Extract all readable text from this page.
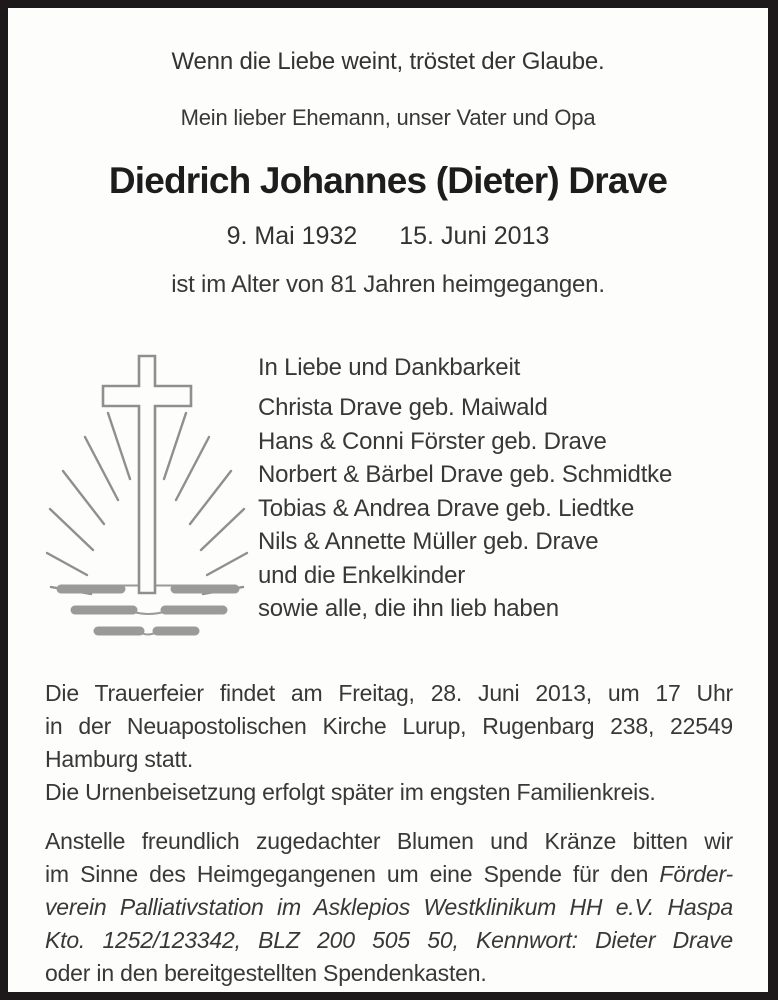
Wenn die Liebe weint, tröstet der Glaube.
Mein lieber Ehemann, unser Vater und Opa
Diedrich Johannes (Dieter) Drave
9. Mai 1932 15. Juni 2013
ist im Alter von 81 Jahren heimgegangen.
In Liebe und Dankbarkeit
Christa Drave geb. Maiwald
Hans & Conni Förster geb. Drave
Norbert & Bärbel Drave geb. Schmidtke
Tobias & Andrea Drave geb. Liedtke
Nils & Annette Müller geb. Drave
und die Enkelkinder
sowie alle, die ihn lieb haben
Die Trauerfeier findet am Freitag, 28. Juni 2013, um 17 Uhr
in der Neuapostolischen Kirche Lurup, Rugenbarg 238, 22549
Hamburg statt.
Die Urnenbeisetzung erfolgt später im engsten Familienkreis.
Anstelle freundlich zugedachter Blumen und Kränze bitten wir
im Sinne des Heimgegangenen um eine Spende für den Förder-
verein Palliativstation im Asklepios Westklinikum HH e.V. Haspa
Kto. 1252/123342, BLZ 200 505 50, Kennwort: Dieter Drave
oder in den bereitgestellten Spendenkasten.
